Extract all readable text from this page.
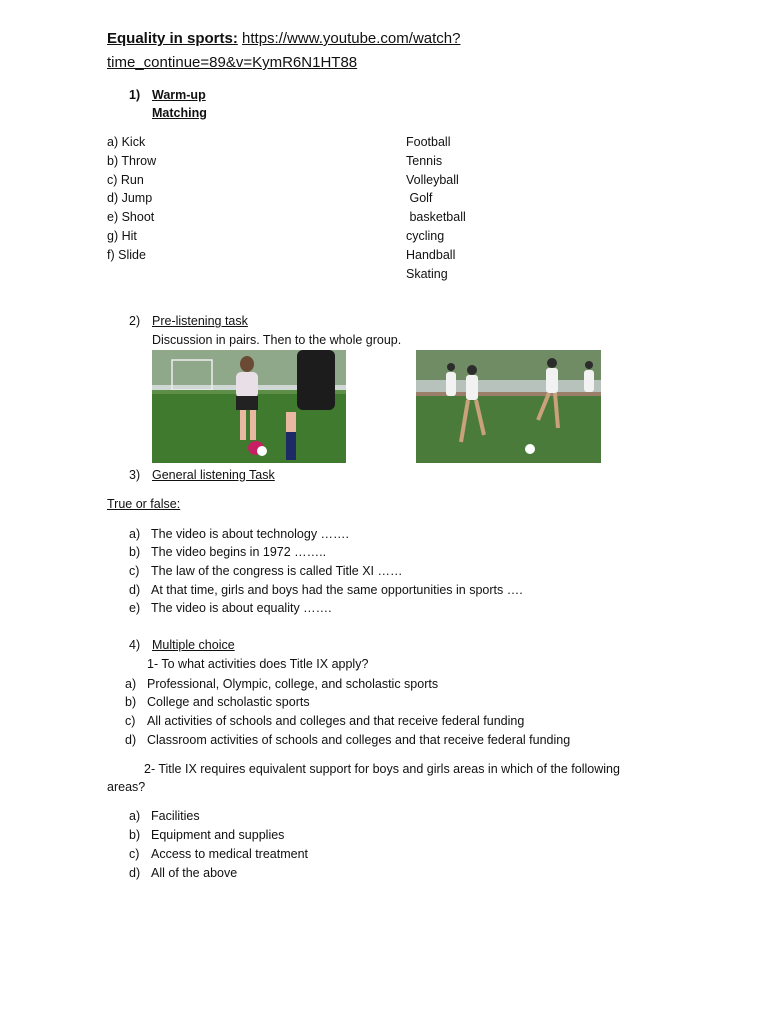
Equality in sports: https://www.youtube.com/watch?
time_continue=89&v=KymR6N1HT88
1) Warm-up
Matching
a) Kick
b) Throw
c) Run
d) Jump
e) Shoot
g) Hit
f) Slide
Football
Tennis
Volleyball
Golf
basketball
cycling
Handball
Skating
2) Pre-listening task
Discussion in pairs. Then to the whole group.
3) General listening Task
True or false:
a) The video is about technology …….
b) The video begins in 1972 ……..
c) The law of the congress is called Title XI ……
d) At that time, girls and boys had the same opportunities in sports ….
e) The video is about equality …….
4) Multiple choice
1- To what activities does Title IX apply?
a) Professional, Olympic, college, and scholastic sports
b) College and scholastic sports
c) All activities of schools and colleges and that receive federal funding
d) Classroom activities of schools and colleges and that receive federal funding
2- Title IX requires equivalent support for boys and girls areas in which of the following
areas?
a) Facilities
b) Equipment and supplies
c) Access to medical treatment
d) All of the above
